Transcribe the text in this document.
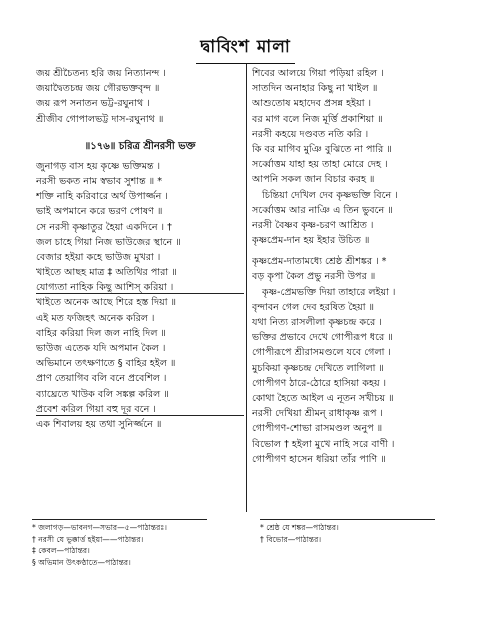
দ্বাবিংশ মালা
জয় শ্রীচৈতন্য হরি জয় নিত্যানন্দ ।
জয়াদ্বৈতচন্দ্র জয় গৌরভক্তবৃন্দ ॥
জয় রূপ সনাতন ভট্ট-রঘুনাথ ।
শ্রীজীব গোপালভট্ট দাস-রঘুনাথ ॥
॥১৭৬॥ চরিত্র শ্রীনরসী ভক্ত
জুনাগড় বাস হয় কৃষ্ণে ভক্তিমন্ত ।
নরসী ভকত নাম স্বভাব সুশান্ত ॥ *
শক্তি নাহি করিবারে অর্থ উপার্জ্জন ।
ভাই অপমানে করে ভরণ পোষণ ॥
সে নরসী কৃষ্ণাতুর হৈয়া একদিনে । †
জল চাহে গিয়া নিজ ভাউজের স্থানে ॥
বেজার হইয়া কহে ভাউজ মুখরা ।
খাইতে আছহ মাত্র ‡ অতিথির পারা ॥
যোগ্যতা নাহিক কিছু আশিস্‌ করিয়া ।
খাইতে অনেক আছে শিরে হস্ত দিয়া ॥
এই মত ফজিহৎ অনেক করিল ।
বাহির করিয়া দিল জল নাহি দিল ॥
ভাউজ এতেক যদি অপমান কৈল ।
অভিমানে তৎক্ষণাতে § বাহির হইল ॥
প্রাণ তেয়াগিব বলি বনে প্রবেশিল ।
ব্যাঘ্রেতে খাউক বলি সঙ্কল্প করিল ॥
প্রবেশ করিল গিয়া বহু দূর বনে ।
এক শিবালয় হয় তথা সুনির্জ্জনে ॥
শিবের আলয়ে গিয়া পড়িয়া রহিল ।
সাতদিন অনাহার কিছু না খাইল ॥
আশুতোষ মহাদেব প্রসন্ন হইয়া ।
বর মাগ বলে নিজ মূর্ত্তি প্রকাশিয়া ॥
নরসী কহয়ে দণ্ডবত নতি করি ।
কি বর মাগিব মুঞি বুঝিতে না পারি ॥
সর্ব্বোত্তম যাহা হয় তাহা মোরে দেহ ।
আপনি সকল জান বিচার করহ ॥
চিন্তিয়া দেখিল দেব কৃষ্ণভক্তি বিনে ।
সর্ব্বোত্তম আর নাঞি এ তিন ভুবনে ॥
নরসী বৈষ্ণব কৃষ্ণ-চরণ আশ্রিত ।
কৃষ্ণপ্রেম-দান হয় ইহার উচিত ॥
কৃষ্ণপ্রেম-দাতামধ্যে শ্রেষ্ঠ শ্রীশঙ্কর । *
বড় কৃপা কৈল প্রভু নরসী উপর ॥
কৃষ্ণ-প্রেমভক্তি দিয়া তাহারে লইয়া ।
বৃন্দাবন গেল দেব হরষিত হৈয়া ॥
যথা নিত্য রাসলীলা কৃষ্ণচন্দ্র করে ।
ভক্তির প্রভাবে দেখে গোপীরূপ ধরে ॥
গোপীরূপে শ্রীরাসমণ্ডলে যবে গেলা ।
মুচকিয়া কৃষ্ণচন্দ্র দেখিতে লাগিলা ॥
গোপীগণ ঠারে-ঠোরে হাসিয়া কহয় ।
কোথা হৈতে আইল এ নূতন সখীচয় ॥
নরসী দেখিয়া শ্রীমন্ রাধাকৃষ্ণ রূপ ।
গোপীগণ-শোভা রাসমণ্ডল অনুপ ॥
বিভোল † হইলা মুখে নাহি সরে বাণী ।
গোপীগণ হাসেন ধরিয়া তাঁর পাণি ॥
* জলাগড়—ভাবনগ—সভার—৫—পাঠান্তরঃ।
† নরসী যে ভুক্কার্ত্ত হইয়া——পাঠান্তর।
‡ কেবল—পাঠান্তর।
§ অভিমান উৎকণ্ঠাতে—পাঠান্তর।
* শ্রেষ্ঠ যে শঙ্কর—পাঠান্তর।
† বিভোর—পাঠান্তর।
